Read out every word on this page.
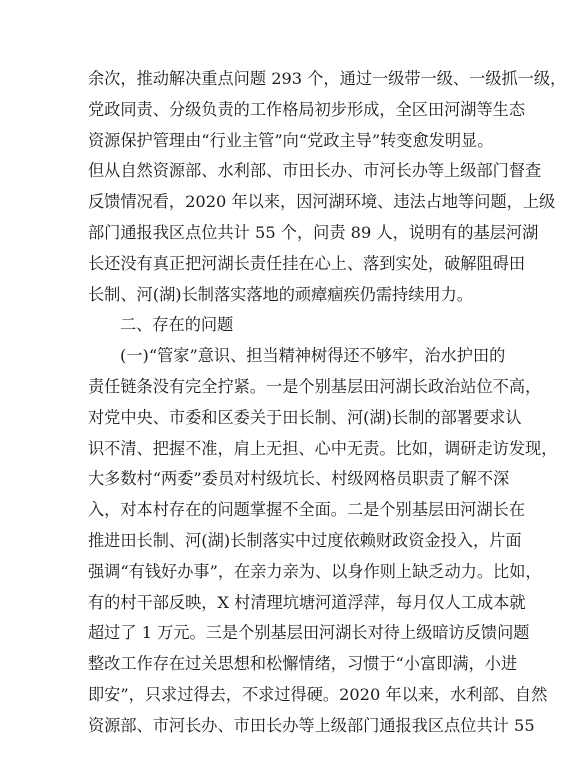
余次，推动解决重点问题 293 个，通过一级带一级、一级抓一级，
党政同责、分级负责的工作格局初步形成，全区田河湖等生态
资源保护管理由“行业主管”向“党政主导”转变愈发明显。
但从自然资源部、水利部、市田长办、市河长办等上级部门督查
反馈情况看，2020 年以来，因河湖环境、违法占地等问题，上级
部门通报我区点位共计 55 个，问责 89 人，说明有的基层河湖
长还没有真正把河湖长责任挂在心上、落到实处，破解阻碍田
长制、河(湖)长制落实落地的顽瘴痼疾仍需持续用力。
二、存在的问题
(一)“管家”意识、担当精神树得还不够牢，治水护田的
责任链条没有完全拧紧。一是个别基层田河湖长政治站位不高，
对党中央、市委和区委关于田长制、河(湖)长制的部署要求认
识不清、把握不准，肩上无担、心中无责。比如，调研走访发现，
大多数村“两委”委员对村级坑长、村级网格员职责了解不深
入，对本村存在的问题掌握不全面。二是个别基层田河湖长在
推进田长制、河(湖)长制落实中过度依赖财政资金投入，片面
强调“有钱好办事”，在亲力亲为、以身作则上缺乏动力。比如，
有的村干部反映，X 村清理坑塘河道浮萍，每月仅人工成本就
超过了 1 万元。三是个别基层田河湖长对待上级暗访反馈问题
整改工作存在过关思想和松懈情绪，习惯于“小富即满，小进
即安”，只求过得去，不求过得硬。2020 年以来，水利部、自然
资源部、市河长办、市田长办等上级部门通报我区点位共计 55
